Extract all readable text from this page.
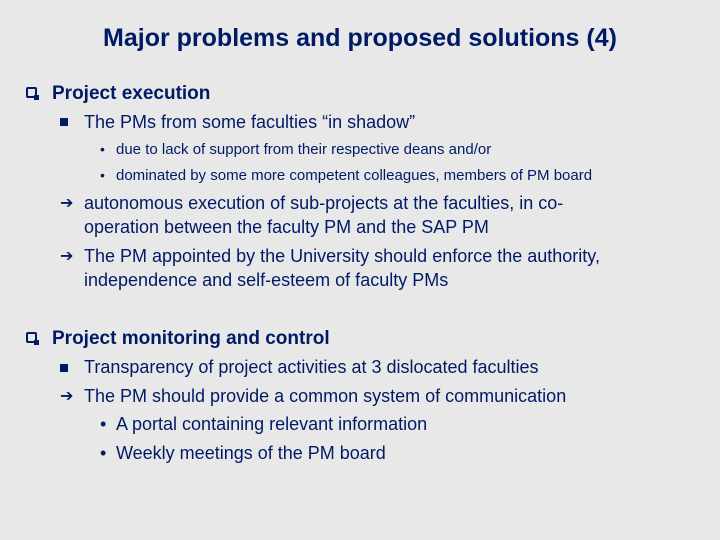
Major problems and proposed solutions (4)
Project execution
The PMs from some faculties “in shadow”
• due to lack of support from their respective deans and/or
• dominated by some more competent colleagues, members of PM board
➔ autonomous execution of sub-projects at the faculties, in co-
operation between the faculty PM and the SAP PM
➔ The PM appointed by the University should enforce the authority,
independence and self-esteem of faculty PMs
Project monitoring and control
Transparency of project activities at 3 dislocated faculties
➔ The PM should provide a common system of communication
• A portal containing relevant information
• Weekly meetings of the PM board
